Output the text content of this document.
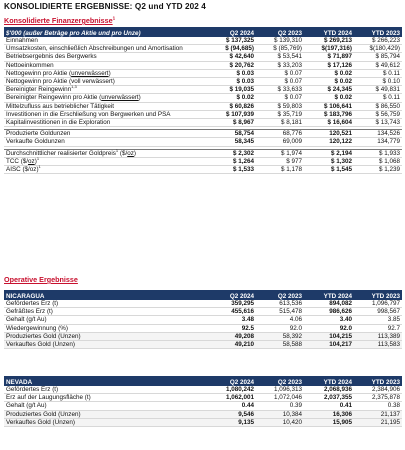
KONSOLIDIERTE ERGEBNISSE: Q2 und YTD 202 4
Konsolidierte Finanzergebnisse$^1$
$'000 (außer Beträge pro Aktie und pro Unze)	Q2 2024	Q2 2023	YTD 2024	YTD 2023
Einnahmen	$ 137,325	$ 139,310	$ 269,213	$ 266,223
Umsatzkosten, einschließlich Abschreibungen und Amortisation	$ (94,685)	$ (85,769)	$(197,316)	$(180,429)
Betriebsergebnis des Bergwerks	$ 42,640	$ 53,541	$ 71,897	$ 85,794
Nettoeinkommen	$ 20,762	$ 33,203	$ 17,126	$ 49,612
Nettogewinn pro Aktie (unverwässert)	$ 0.03	$ 0.07	$ 0.02	$ 0.11
Nettogewinn pro Aktie (voll verwässert)	$ 0.03	$ 0.07	$ 0.02	$ 0.10
Bereinigter Reingewinn$^{1,3}$	$ 19,035	$ 33,633	$ 24,345	$ 49,831
Bereinigter Reingewinn pro Aktie (unverwässert)	$ 0.02	$ 0.07	$ 0.02	$ 0.11
Mittelzufluss aus betrieblicher Tätigkeit	$ 60,826	$ 59,803	$ 106,641	$ 86,550
Investitionen in die Erschließung von Bergwerken und PSA	$ 107,939	$ 35,719	$ 183,796	$ 56,759
Kapitalinvestitionen in die Exploration	$ 8,967	$ 8,181	$ 16,604	$ 13,743

Produzierte Goldunzen	58,754	68,776	120,521	134,526
Verkaufte Goldunzen	58,345	69,009	120,122	134,779

Durchschnittlicher realisierter Goldpreis$^1$ ($/oz)	$ 2,302	$ 1,974	$ 2,194	$ 1,933
TCC ($/oz)$^1$	$ 1,264	$ 977	$ 1,302	$ 1,068
AISC ($/oz)$^1$	$ 1,533	$ 1,178	$ 1,545	$ 1,239
Operative Ergebnisse
NICARAGUA	Q2 2024	Q2 2023	YTD 2024	YTD 2023
Gefördertes Erz (t)	359,295	613,536	894,082	1,096,797
Gefräßtes Erz (t)	455,616	515,478	986,626	998,567
Gehalt (g/t Au)	3.48	4.06	3.40	3.85
Wiedergewinnung (%)	92.5	92.0	92.0	92.7
Produziertes Gold (Unzen)	49,208	58,392	104,215	113,389
Verkauftes Gold (Unzen)	49,210	58,588	104,217	113,583
NEVADA	Q2 2024	Q2 2023	YTD 2024	YTD 2023
Gefördertes Erz (t)	1,080,242	1,096,313	2,068,936	2,384,906
Erz auf der Laugungsfläche (t)	1,062,001	1,072,046	2,037,355	2,375,878
Gehalt (g/t Au)	0.44	0.39	0.41	0.38
Produziertes Gold (Unzen)	9,546	10,384	16,306	21,137
Verkauftes Gold (Unzen)	9,135	10,420	15,905	21,195
